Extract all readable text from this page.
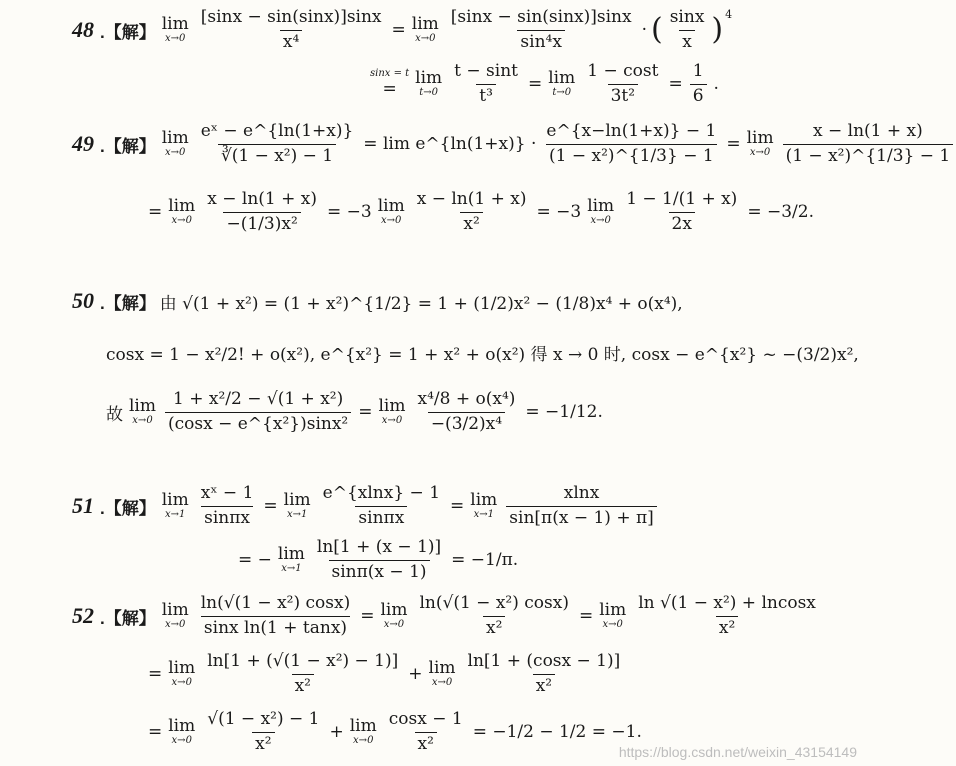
48 .【解】 lim
$x\to 0 \frac{[\sin x - \sin(\sin x)]\sin x}{\text{x⁴}} = \lim$
$x\to 0 \frac{[\sin x - \sin(\sin x)]\sin x}{\text{sin⁴x}}$ · ( $\frac{\sin x}{x}$ ) 4
sinx = t
=
lim
$t\to 0 \frac{t - \sin t}{\text{t³}} = \lim$
$t\to 0 \frac{1 - \cos t}{\text{3t²}} = \frac{1}{6}$ .
49 .【解】 lim
$x\to 0 \frac{\text{eˣ − e\textasciicircum{}\{ln(1+x)\}}}{\text{∛(1 − x²) − 1}} = \lim$ e^{ln(1+x)} · $\frac{e\^{}\{x-\ln(1+x)\} - 1}{\text{(1 − x²)\textasciicircum{}\{1/3\} − 1}} = \lim$
$x\to 0 \frac{x - \ln(1 + x)}{\text{(1 − x²)\textasciicircum{}\{1/3\} − 1}}$
= lim
$x\to 0 \frac{x - \ln(1 + x)}{\text{−(1/3)x²}} = -3$ lim
$x\to 0 \frac{x - \ln(1 + x)}{\text{x²}} = -3$ lim
$x\to 0 \frac{1 - 1/(1 + x)}{2x} = -3/2$.
50 .【解】 由 √(1 + x²) = (1 + x²)^{1/2} = 1 + (1/2)x² − (1/8)x⁴ + o(x⁴),
cosx = 1 − x²/2! + o(x²), e^{x²} = 1 + x² + o(x²) 得 x → 0 时, cosx − e^{x²} ~ −(3/2)x²,
故 lim
$x\to 0 \frac{\text{1 + x²/2 − √(1 + x²)}}{\text{(cosx − e\textasciicircum{}\{x²\})sinx²}} = \lim$
$x\to 0 \frac{\text{x⁴/8 + o(x⁴)}}{\text{−(3/2)x⁴}} = -1/12$.
51 .【解】 lim
$x\to 1 \frac{\text{xˣ − 1}}{\sin\pi x} = \lim$
$x\to 1 \frac{e\^{}\{xlnx\} - 1}{\sin\pi x} = \lim$
$x\to 1 \frac{xlnx}{\sin[\pi(x - 1) + \pi]}$
= − lim
$x\to 1 \frac{\ln[1 + (x - 1)]}{\sin\pi(x - 1)} = -1/\pi$.
52 .【解】 lim
$x\to 0 \frac{\text{ln(√(1 − x²) cosx)}}{\text{sinx ln(1 + tanx)}} = \lim$
$x\to 0 \frac{\text{ln(√(1 − x²) cosx)}}{\text{x²}} = \lim$
$x\to 0 \frac{\text{ln √(1 − x²) + lncosx}}{\text{x²}}$
= lim
$x\to 0 \frac{\text{ln[1 + (√(1 − x²) − 1)]}}{\text{x²}} + \lim$
$x\to 0 \frac{\ln[1 + (\cos x - 1)]}{\text{x²}}$
= lim
$x\to 0 \frac{\text{√(1 − x²) − 1}}{\text{x²}} + \lim$
$x\to 0 \frac{\cos x - 1}{\text{x²}} = -1/2 - 1/2 = -1$.
https://blog.csdn.net/weixin_43154149
